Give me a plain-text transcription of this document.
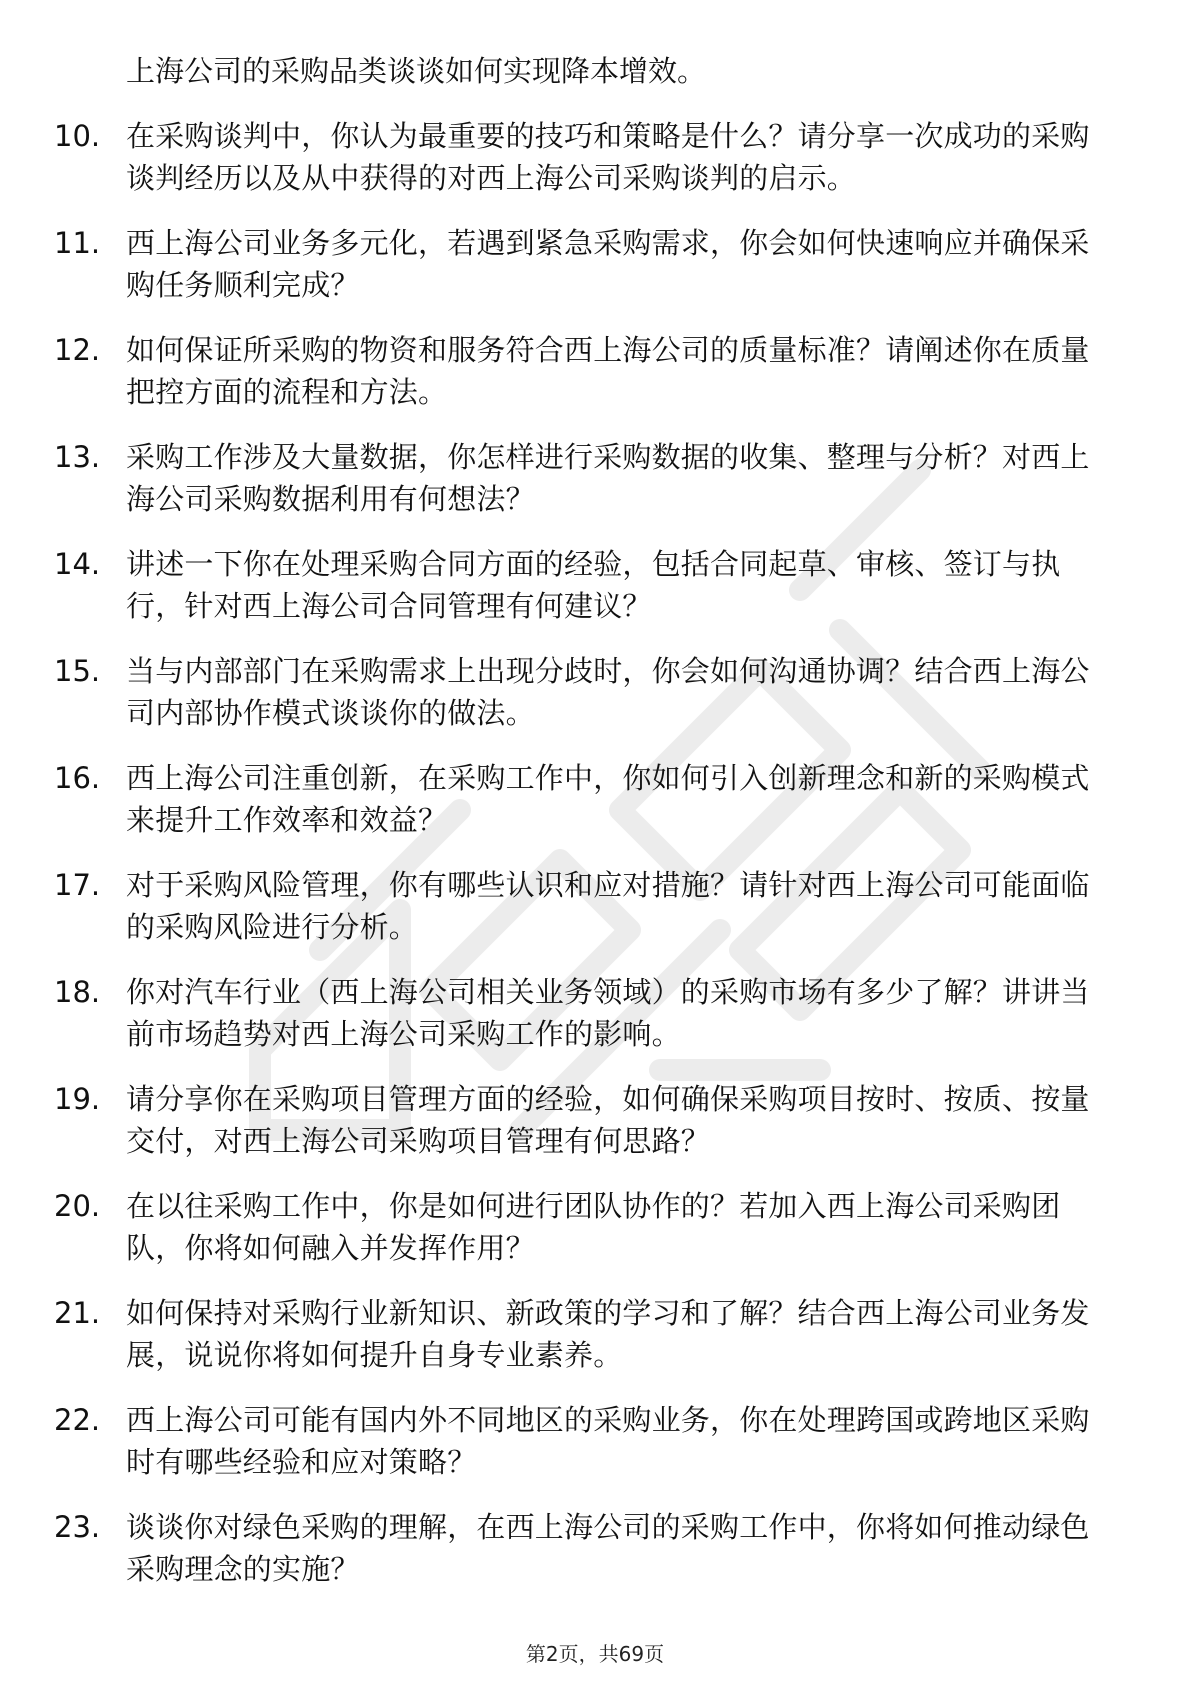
上海公司的采购品类谈谈如何实现降本增效。
10. 在采购谈判中，你认为最重要的技巧和策略是什么？请分享一次成功的采购谈判经历以及从中获得的对西上海公司采购谈判的启示。
11. 西上海公司业务多元化，若遇到紧急采购需求，你会如何快速响应并确保采购任务顺利完成？
12. 如何保证所采购的物资和服务符合西上海公司的质量标准？请阐述你在质量把控方面的流程和方法。
13. 采购工作涉及大量数据，你怎样进行采购数据的收集、整理与分析？对西上海公司采购数据利用有何想法？
14. 讲述一下你在处理采购合同方面的经验，包括合同起草、审核、签订与执行，针对西上海公司合同管理有何建议？
15. 当与内部部门在采购需求上出现分歧时，你会如何沟通协调？结合西上海公司内部协作模式谈谈你的做法。
16. 西上海公司注重创新，在采购工作中，你如何引入创新理念和新的采购模式来提升工作效率和效益？
17. 对于采购风险管理，你有哪些认识和应对措施？请针对西上海公司可能面临的采购风险进行分析。
18. 你对汽车行业（西上海公司相关业务领域）的采购市场有多少了解？讲讲当前市场趋势对西上海公司采购工作的影响。
19. 请分享你在采购项目管理方面的经验，如何确保采购项目按时、按质、按量交付，对西上海公司采购项目管理有何思路？
20. 在以往采购工作中，你是如何进行团队协作的？若加入西上海公司采购团队，你将如何融入并发挥作用？
21. 如何保持对采购行业新知识、新政策的学习和了解？结合西上海公司业务发展，说说你将如何提升自身专业素养。
22. 西上海公司可能有国内外不同地区的采购业务，你在处理跨国或跨地区采购时有哪些经验和应对策略？
23. 谈谈你对绿色采购的理解，在西上海公司的采购工作中，你将如何推动绿色采购理念的实施？
第2页，共69页
